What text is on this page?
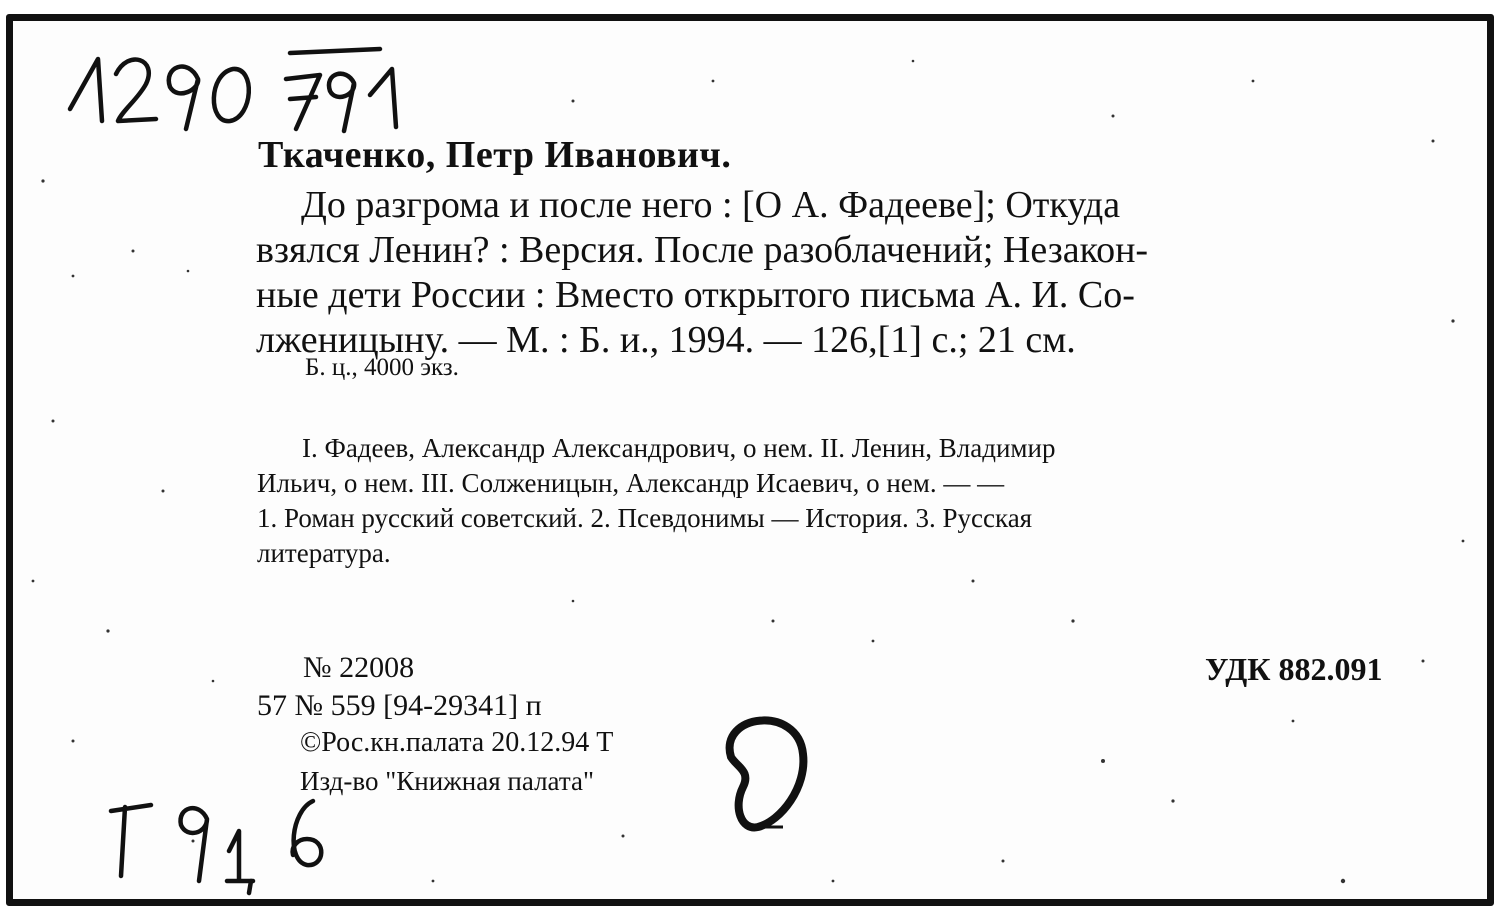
Ткаченко, Петр Иванович.
До разгрома и после него : [О А. Фадееве]; Откуда
взялся Ленин? : Версия. После разоблачений; Незакон-
ные дети России : Вместо открытого письма А. И. Со-
лженицыну. — М. : Б. и., 1994. — 126,[1] с.; 21 см.
Б. ц., 4000 экз.
I. Фадеев, Александр Александрович, о нем. II. Ленин, Владимир
Ильич, о нем. III. Солженицын, Александр Исаевич, о нем. — —
1. Роман русский советский. 2. Псевдонимы — История. 3. Русская
литература.
№ 22008
57 № 559 [94-29341] п
©Рос.кн.палата 20.12.94 Т
Изд-во "Книжная палата"
УДК 882.091
